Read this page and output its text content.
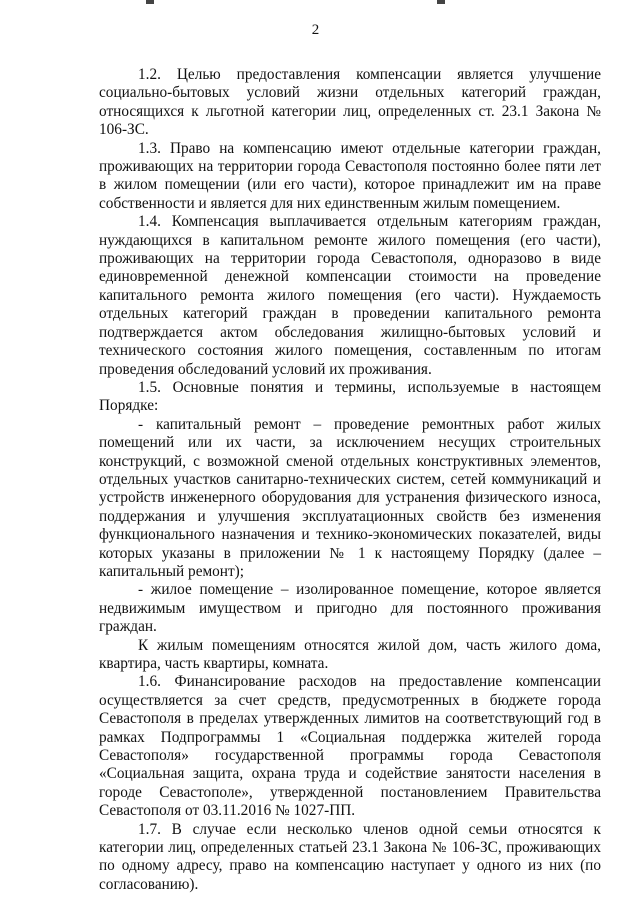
2

1.2. Целью предоставления компенсации является улучшение социально-бытовых условий жизни отдельных категорий граждан, относящихся к льготной категории лиц, определенных ст. 23.1 Закона № 106-ЗС.

1.3. Право на компенсацию имеют отдельные категории граждан, проживающих на территории города Севастополя постоянно более пяти лет в жилом помещении (или его части), которое принадлежит им на праве собственности и является для них единственным жилым помещением.

1.4. Компенсация выплачивается отдельным категориям граждан, нуждающихся в капитальном ремонте жилого помещения (его части), проживающих на территории города Севастополя, одноразово в виде единовременной денежной компенсации стоимости на проведение капитального ремонта жилого помещения (его части). Нуждаемость отдельных категорий граждан в проведении капитального ремонта подтверждается актом обследования жилищно-бытовых условий и технического состояния жилого помещения, составленным по итогам проведения обследований условий их проживания.

1.5. Основные понятия и термины, используемые в настоящем Порядке:

- капитальный ремонт – проведение ремонтных работ жилых помещений или их части, за исключением несущих строительных конструкций, с возможной сменой отдельных конструктивных элементов, отдельных участков санитарно-технических систем, сетей коммуникаций и устройств инженерного оборудования для устранения физического износа, поддержания и улучшения эксплуатационных свойств без изменения функционального назначения и технико-экономических показателей, виды которых указаны в приложении № 1 к настоящему Порядку (далее – капитальный ремонт);

- жилое помещение – изолированное помещение, которое является недвижимым имуществом и пригодно для постоянного проживания граждан.

К жилым помещениям относятся жилой дом, часть жилого дома, квартира, часть квартиры, комната.

1.6. Финансирование расходов на предоставление компенсации осуществляется за счет средств, предусмотренных в бюджете города Севастополя в пределах утвержденных лимитов на соответствующий год в рамках Подпрограммы 1 «Социальная поддержка жителей города Севастополя» государственной программы города Севастополя «Социальная защита, охрана труда и содействие занятости населения в городе Севастополе», утвержденной постановлением Правительства Севастополя от 03.11.2016 № 1027-ПП.

1.7. В случае если несколько членов одной семьи относятся к категории лиц, определенных статьей 23.1 Закона № 106-ЗС, проживающих по одному адресу, право на компенсацию наступает у одного из них (по согласованию).
